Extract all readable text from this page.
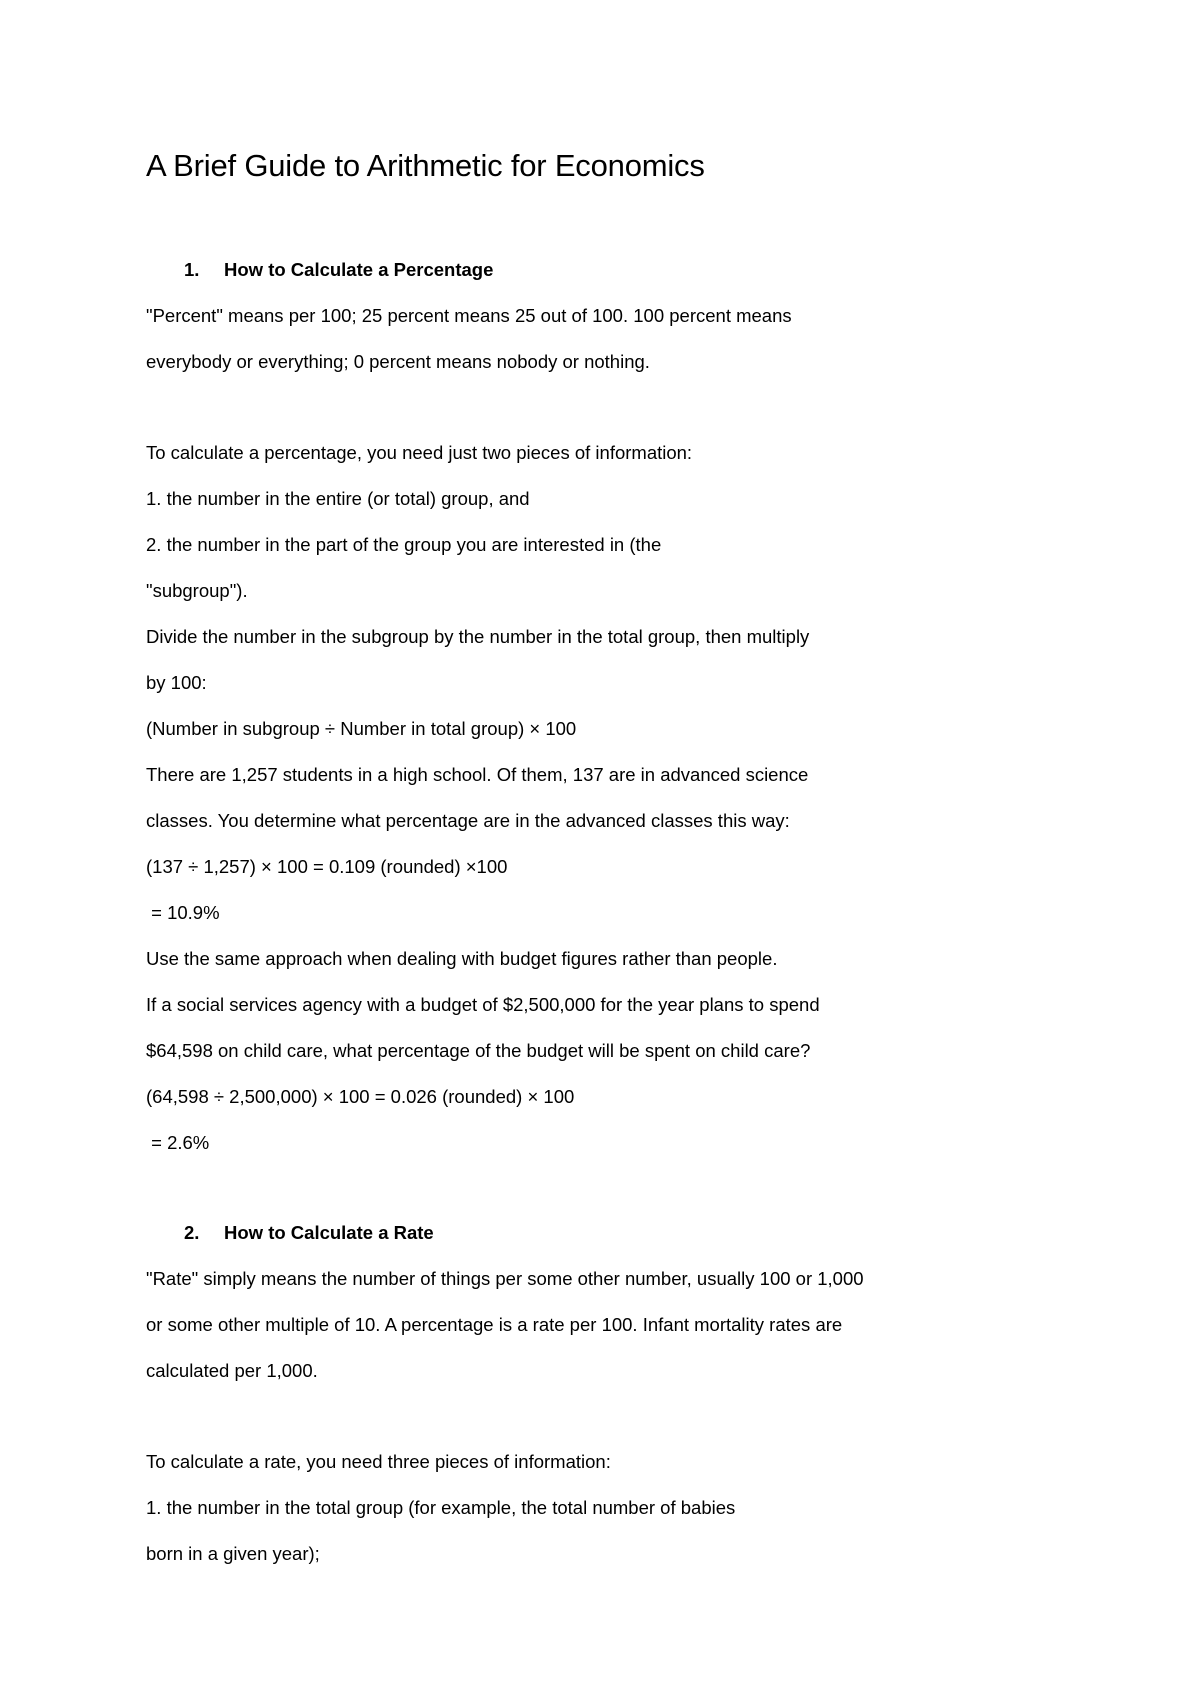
A Brief Guide to Arithmetic for Economics
1. How to Calculate a Percentage
"Percent" means per 100; 25 percent means 25 out of 100. 100 percent means
everybody or everything; 0 percent means nobody or nothing.
To calculate a percentage, you need just two pieces of information:
1. the number in the entire (or total) group, and
2. the number in the part of the group you are interested in (the
"subgroup").
Divide the number in the subgroup by the number in the total group, then multiply
by 100:
(Number in subgroup ÷ Number in total group) × 100
There are 1,257 students in a high school. Of them, 137 are in advanced science
classes. You determine what percentage are in the advanced classes this way:
(137 ÷ 1,257) × 100 = 0.109 (rounded) ×100
= 10.9%
Use the same approach when dealing with budget figures rather than people.
If a social services agency with a budget of $2,500,000 for the year plans to spend
$64,598 on child care, what percentage of the budget will be spent on child care?
(64,598 ÷ 2,500,000) × 100 = 0.026 (rounded) × 100
= 2.6%
2. How to Calculate a Rate
"Rate" simply means the number of things per some other number, usually 100 or 1,000
or some other multiple of 10. A percentage is a rate per 100. Infant mortality rates are
calculated per 1,000.
To calculate a rate, you need three pieces of information:
1. the number in the total group (for example, the total number of babies
born in a given year);
